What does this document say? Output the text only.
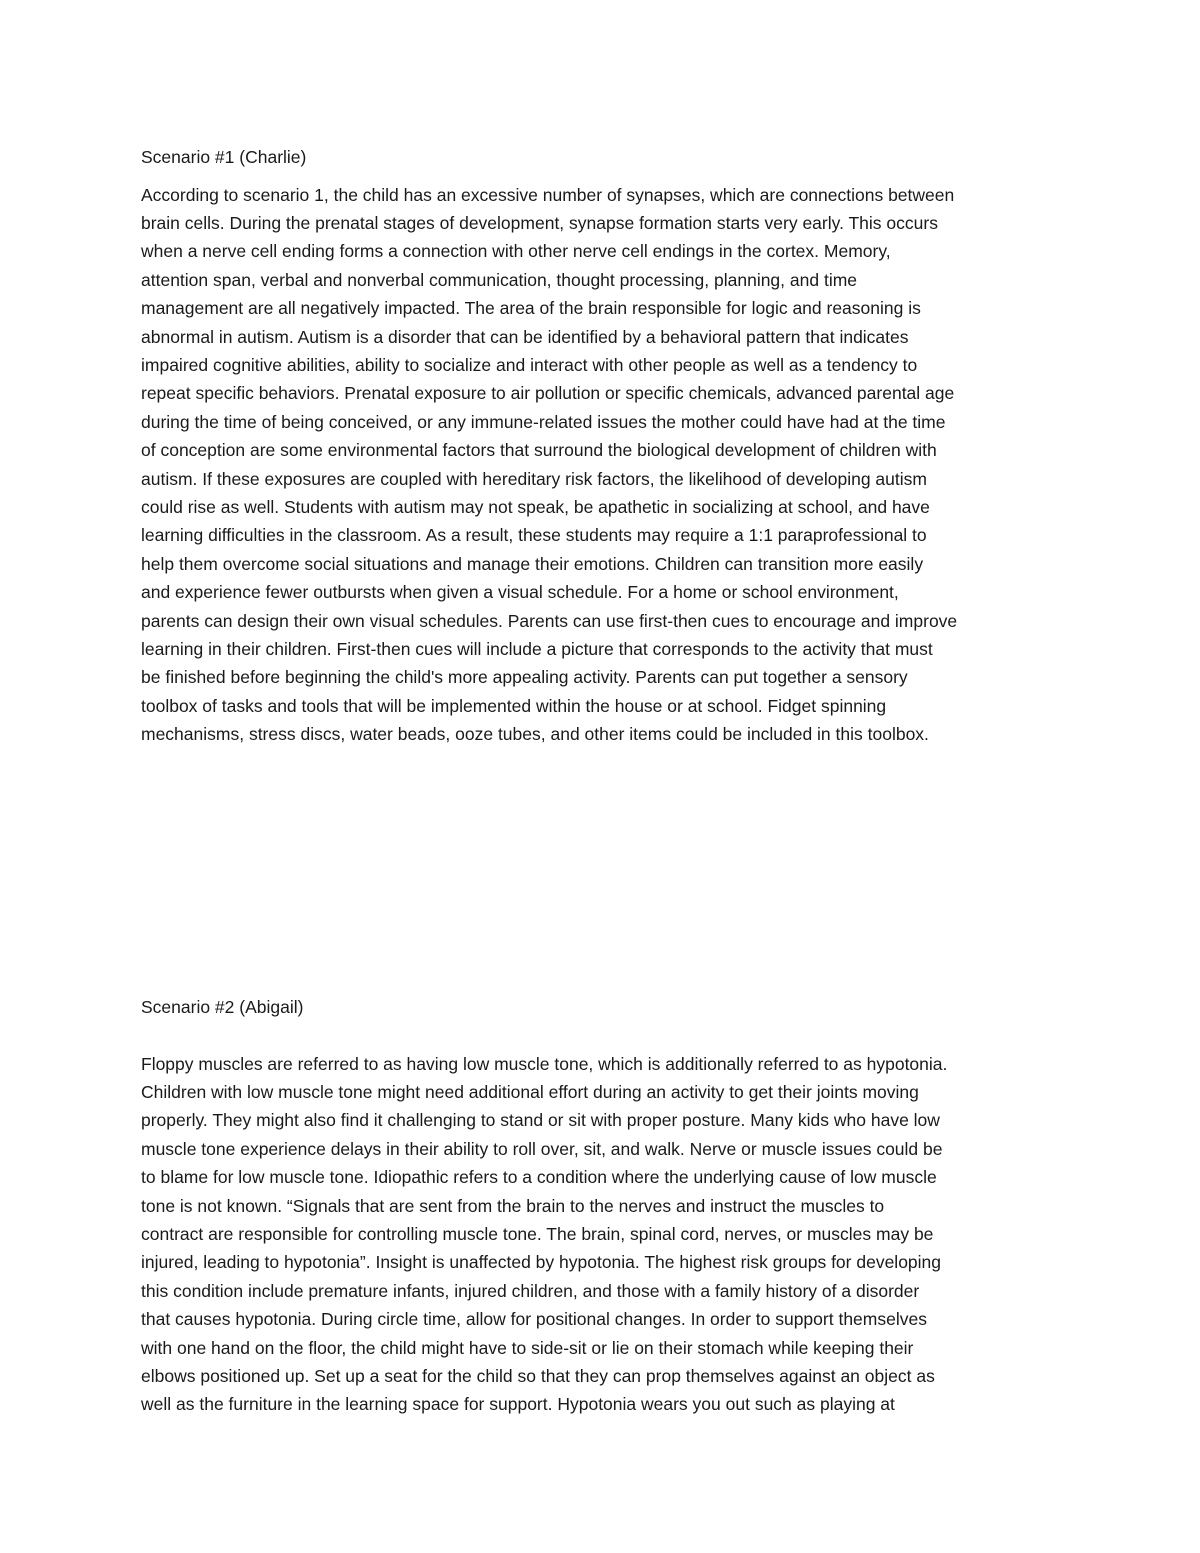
Scenario #1 (Charlie)
According to scenario 1, the child has an excessive number of synapses, which are connections between
brain cells. During the prenatal stages of development, synapse formation starts very early. This occurs
when a nerve cell ending forms a connection with other nerve cell endings in the cortex. Memory,
attention span, verbal and nonverbal communication, thought processing, planning, and time
management are all negatively impacted. The area of the brain responsible for logic and reasoning is
abnormal in autism. Autism is a disorder that can be identified by a behavioral pattern that indicates
impaired cognitive abilities, ability to socialize and interact with other people as well as a tendency to
repeat specific behaviors. Prenatal exposure to air pollution or specific chemicals, advanced parental age
during the time of being conceived, or any immune-related issues the mother could have had at the time
of conception are some environmental factors that surround the biological development of children with
autism. If these exposures are coupled with hereditary risk factors, the likelihood of developing autism
could rise as well. Students with autism may not speak, be apathetic in socializing at school, and have
learning difficulties in the classroom. As a result, these students may require a 1:1 paraprofessional to
help them overcome social situations and manage their emotions. Children can transition more easily
and experience fewer outbursts when given a visual schedule. For a home or school environment,
parents can design their own visual schedules. Parents can use first-then cues to encourage and improve
learning in their children. First-then cues will include a picture that corresponds to the activity that must
be finished before beginning the child's more appealing activity. Parents can put together a sensory
toolbox of tasks and tools that will be implemented within the house or at school. Fidget spinning
mechanisms, stress discs, water beads, ooze tubes, and other items could be included in this toolbox.
Scenario #2 (Abigail)
Floppy muscles are referred to as having low muscle tone, which is additionally referred to as hypotonia.
Children with low muscle tone might need additional effort during an activity to get their joints moving
properly. They might also find it challenging to stand or sit with proper posture. Many kids who have low
muscle tone experience delays in their ability to roll over, sit, and walk. Nerve or muscle issues could be
to blame for low muscle tone. Idiopathic refers to a condition where the underlying cause of low muscle
tone is not known. “Signals that are sent from the brain to the nerves and instruct the muscles to
contract are responsible for controlling muscle tone. The brain, spinal cord, nerves, or muscles may be
injured, leading to hypotonia”. Insight is unaffected by hypotonia. The highest risk groups for developing
this condition include premature infants, injured children, and those with a family history of a disorder
that causes hypotonia. During circle time, allow for positional changes. In order to support themselves
with one hand on the floor, the child might have to side-sit or lie on their stomach while keeping their
elbows positioned up. Set up a seat for the child so that they can prop themselves against an object as
well as the furniture in the learning space for support. Hypotonia wears you out such as playing at
